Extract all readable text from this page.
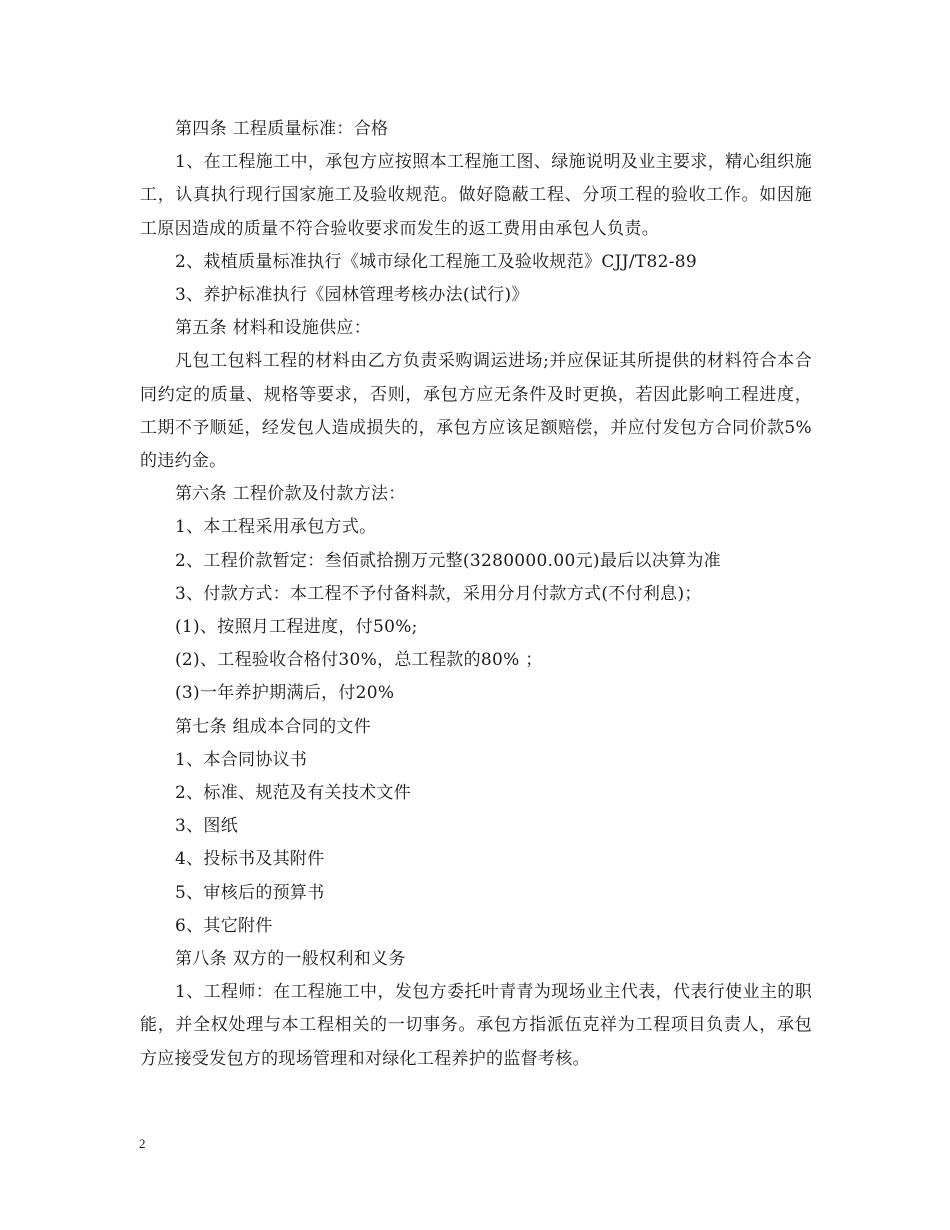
第四条 工程质量标准：合格

1、在工程施工中，承包方应按照本工程施工图、绿施说明及业主要求，精心组织施工，认真执行现行国家施工及验收规范。做好隐蔽工程、分项工程的验收工作。如因施工原因造成的质量不符合验收要求而发生的返工费用由承包人负责。

2、栽植质量标准执行《城市绿化工程施工及验收规范》CJJ/T82-89

3、养护标准执行《园林管理考核办法(试行)》

第五条 材料和设施供应：

凡包工包料工程的材料由乙方负责采购调运进场;并应保证其所提供的材料符合本合同约定的质量、规格等要求，否则，承包方应无条件及时更换，若因此影响工程进度，工期不予顺延，经发包人造成损失的，承包方应该足额赔偿，并应付发包方合同价款5%的违约金。

第六条 工程价款及付款方法：

1、本工程采用承包方式。

2、工程价款暂定：叁佰贰拾捌万元整(3280000.00元)最后以决算为准

3、付款方式：本工程不予付备料款，采用分月付款方式(不付利息)；

(1)、按照月工程进度，付50%;

(2)、工程验收合格付30%，总工程款的80% ；

(3)一年养护期满后，付20%

第七条 组成本合同的文件

1、本合同协议书

2、标准、规范及有关技术文件

3、图纸

4、投标书及其附件

5、审核后的预算书

6、其它附件

第八条 双方的一般权利和义务

1、工程师：在工程施工中，发包方委托叶青青为现场业主代表，代表行使业主的职能，并全权处理与本工程相关的一切事务。承包方指派伍克祥为工程项目负责人，承包方应接受发包方的现场管理和对绿化工程养护的监督考核。

2
